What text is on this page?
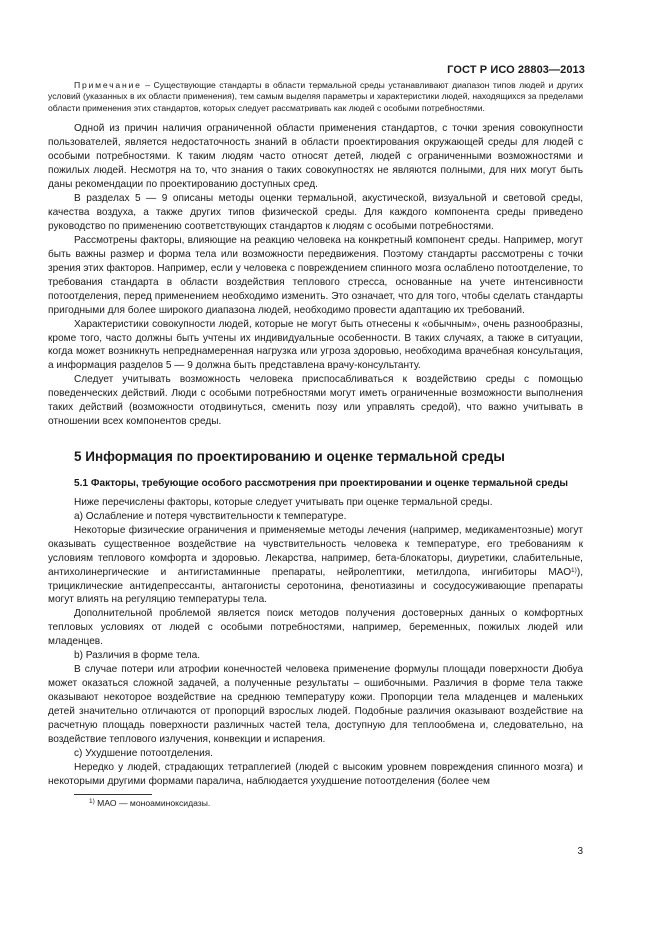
ГОСТ Р ИСО 28803—2013

Примечание – Существующие стандарты в области термальной среды устанавливают диапазон типов людей и других условий (указанных в их области применения), тем самым выделяя параметры и характеристики людей, находящихся за пределами области применения этих стандартов, которых следует рассматривать как людей с особыми потребностями.

Одной из причин наличия ограниченной области применения стандартов, с точки зрения совокупности пользователей, является недостаточность знаний в области проектирования окружающей среды для людей с особыми потребностями. К таким людям часто относят детей, людей с ограниченными возможностями и пожилых людей. Несмотря на то, что знания о таких совокупностях не являются полными, для них могут быть даны рекомендации по проектированию доступных сред.

В разделах 5 — 9 описаны методы оценки термальной, акустической, визуальной и световой среды, качества воздуха, а также других типов физической среды. Для каждого компонента среды приведено руководство по применению соответствующих стандартов к людям с особыми потребностями.

Рассмотрены факторы, влияющие на реакцию человека на конкретный компонент среды. Например, могут быть важны размер и форма тела или возможности передвижения. Поэтому стандарты рассмотрены с точки зрения этих факторов. Например, если у человека с повреждением спинного мозга ослаблено потоотделение, то требования стандарта в области воздействия теплового стресса, основанные на учете интенсивности потоотделения, перед применением необходимо изменить. Это означает, что для того, чтобы сделать стандарты пригодными для более широкого диапазона людей, необходимо провести адаптацию их требований.

Характеристики совокупности людей, которые не могут быть отнесены к «обычным», очень разнообразны, кроме того, часто должны быть учтены их индивидуальные особенности. В таких случаях, а также в ситуации, когда может возникнуть непреднамеренная нагрузка или угроза здоровью, необходима врачебная консультация, а информация разделов 5 — 9 должна быть представлена врачу-консультанту.

Следует учитывать возможность человека приспосабливаться к воздействию среды с помощью поведенческих действий. Люди с особыми потребностями могут иметь ограниченные возможности выполнения таких действий (возможности отодвинуться, сменить позу или управлять средой), что важно учитывать в отношении всех компонентов среды.

5 Информация по проектированию и оценке термальной среды
5.1 Факторы, требующие особого рассмотрения при проектировании и оценке термальной среды

Ниже перечислены факторы, которые следует учитывать при оценке термальной среды.

а) Ослабление и потеря чувствительности к температуре.

Некоторые физические ограничения и применяемые методы лечения (например, медикаментозные) могут оказывать существенное воздействие на чувствительность человека к температуре, его требованиям к условиям теплового комфорта и здоровью. Лекарства, например, бета-блокаторы, диуретики, слабительные, антихолинергические и антигистаминные препараты, нейролептики, метилдопа, ингибиторы МАО$^{1)}$), трициклические антидепрессанты, антагонисты серотонина, фенотиазины и сосудосуживающие препараты могут влиять на регуляцию температуры тела.

Дополнительной проблемой является поиск методов получения достоверных данных о комфортных тепловых условиях от людей с особыми потребностями, например, беременных, пожилых людей или младенцев.

b) Различия в форме тела.

В случае потери или атрофии конечностей человека применение формулы площади поверхности Дюбуа может оказаться сложной задачей, а полученные результаты – ошибочными. Различия в форме тела также оказывают некоторое воздействие на среднюю температуру кожи. Пропорции тела младенцев и маленьких детей значительно отличаются от пропорций взрослых людей. Подобные различия оказывают воздействие на расчетную площадь поверхности различных частей тела, доступную для теплообмена и, следовательно, на воздействие теплового излучения, конвекции и испарения.

с) Ухудшение потоотделения.

Нередко у людей, страдающих тетраплегией (людей с высоким уровнем повреждения спинного мозга) и некоторыми другими формами паралича, наблюдается ухудшение потоотделения (более чем

$^{1)}$ МАО — моноаминоксидазы.
3
